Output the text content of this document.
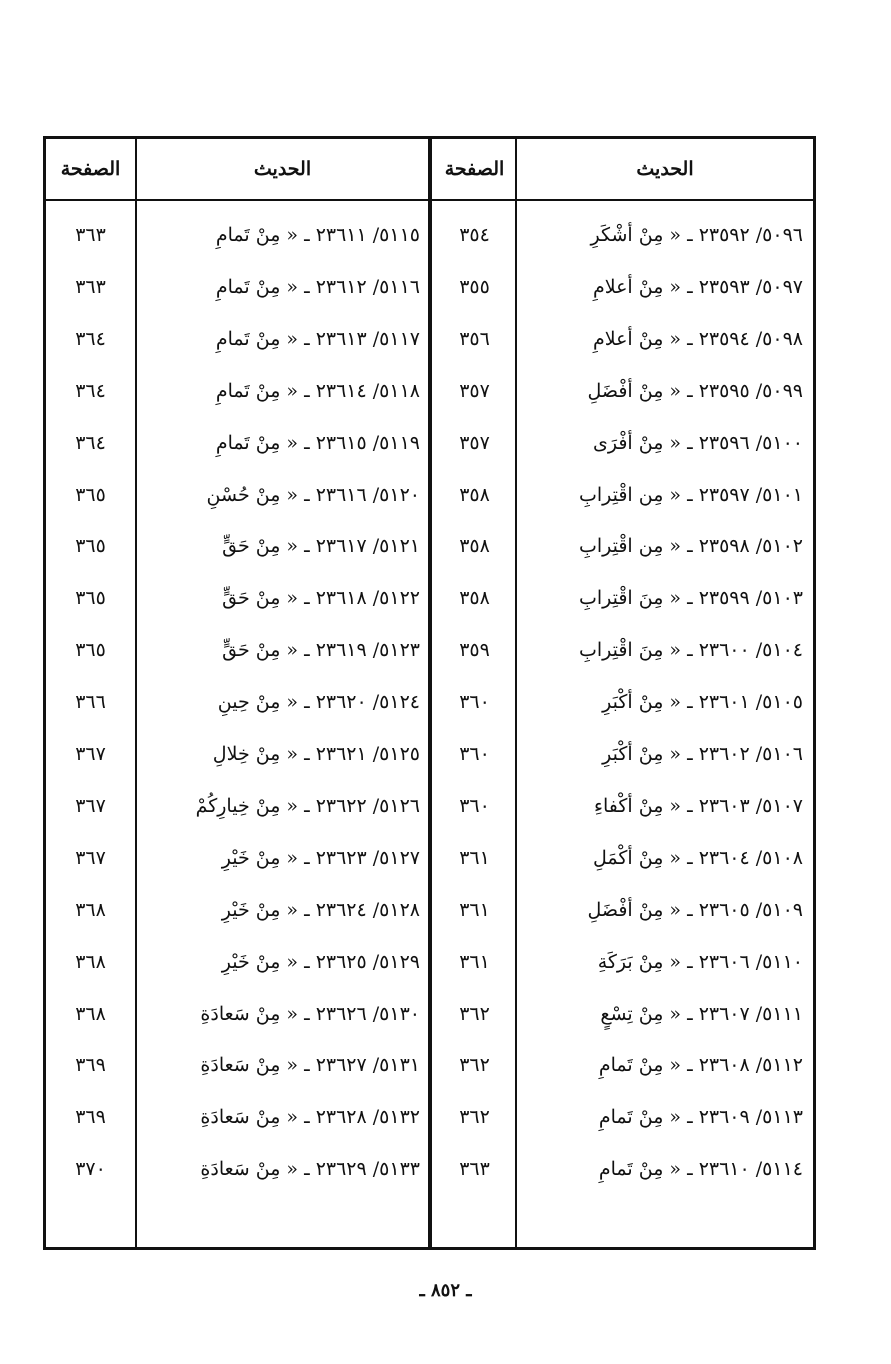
الحديث
الصفحة
الحديث
الصفحة
٥٠٩٦/ ٢٣٥٩٢ ـ « مِنْ أشْكَرِ
٣٥٤
٥٠٩٧/ ٢٣٥٩٣ ـ « مِنْ أعلامِ
٣٥٥
٥٠٩٨/ ٢٣٥٩٤ ـ « مِنْ أعلامِ
٣٥٦
٥٠٩٩/ ٢٣٥٩٥ ـ « مِنْ أفْضَلِ
٣٥٧
٥١٠٠/ ٢٣٥٩٦ ـ « مِنْ أفْرَى
٣٥٧
٥١٠١/ ٢٣٥٩٧ ـ « مِن اقْتِرابِ
٣٥٨
٥١٠٢/ ٢٣٥٩٨ ـ « مِن اقْتِرابِ
٣٥٨
٥١٠٣/ ٢٣٥٩٩ ـ « مِنَ اقْتِرابِ
٣٥٨
٥١٠٤/ ٢٣٦٠٠ ـ « مِنَ اقْتِرابِ
٣٥٩
٥١٠٥/ ٢٣٦٠١ ـ « مِنْ أكْبَرِ
٣٦٠
٥١٠٦/ ٢٣٦٠٢ ـ « مِنْ أكْبَرِ
٣٦٠
٥١٠٧/ ٢٣٦٠٣ ـ « مِنْ أكْفاءِ
٣٦٠
٥١٠٨/ ٢٣٦٠٤ ـ « مِنْ أكْمَلِ
٣٦١
٥١٠٩/ ٢٣٦٠٥ ـ « مِنْ أفْضَلِ
٣٦١
٥١١٠/ ٢٣٦٠٦ ـ « مِنْ بَرَكَةِ
٣٦١
٥١١١/ ٢٣٦٠٧ ـ « مِنْ تِسْعٍ
٣٦٢
٥١١٢/ ٢٣٦٠٨ ـ « مِنْ تَمامِ
٣٦٢
٥١١٣/ ٢٣٦٠٩ ـ « مِنْ تَمامِ
٣٦٢
٥١١٤/ ٢٣٦١٠ ـ « مِنْ تَمامِ
٣٦٣
٥١١٥/ ٢٣٦١١ ـ « مِنْ تَمامِ
٣٦٣
٥١١٦/ ٢٣٦١٢ ـ « مِنْ تَمامِ
٣٦٣
٥١١٧/ ٢٣٦١٣ ـ « مِنْ تَمامِ
٣٦٤
٥١١٨/ ٢٣٦١٤ ـ « مِنْ تَمامِ
٣٦٤
٥١١٩/ ٢٣٦١٥ ـ « مِنْ تَمامِ
٣٦٤
٥١٢٠/ ٢٣٦١٦ ـ « مِنْ حُسْنِ
٣٦٥
٥١٢١/ ٢٣٦١٧ ـ « مِنْ حَقٍّ
٣٦٥
٥١٢٢/ ٢٣٦١٨ ـ « مِنْ حَقٍّ
٣٦٥
٥١٢٣/ ٢٣٦١٩ ـ « مِنْ حَقٍّ
٣٦٥
٥١٢٤/ ٢٣٦٢٠ ـ « مِنْ حِينِ
٣٦٦
٥١٢٥/ ٢٣٦٢١ ـ « مِنْ خِلالِ
٣٦٧
٥١٢٦/ ٢٣٦٢٢ ـ « مِنْ خِيارِكُمْ
٣٦٧
٥١٢٧/ ٢٣٦٢٣ ـ « مِنْ خَيْرِ
٣٦٧
٥١٢٨/ ٢٣٦٢٤ ـ « مِنْ خَيْرِ
٣٦٨
٥١٢٩/ ٢٣٦٢٥ ـ « مِنْ خَيْرِ
٣٦٨
٥١٣٠/ ٢٣٦٢٦ ـ « مِنْ سَعادَةِ
٣٦٨
٥١٣١/ ٢٣٦٢٧ ـ « مِنْ سَعادَةِ
٣٦٩
٥١٣٢/ ٢٣٦٢٨ ـ « مِنْ سَعادَةِ
٣٦٩
٥١٣٣/ ٢٣٦٢٩ ـ « مِنْ سَعادَةِ
٣٧٠
ـ ٨٥٢ ـ
